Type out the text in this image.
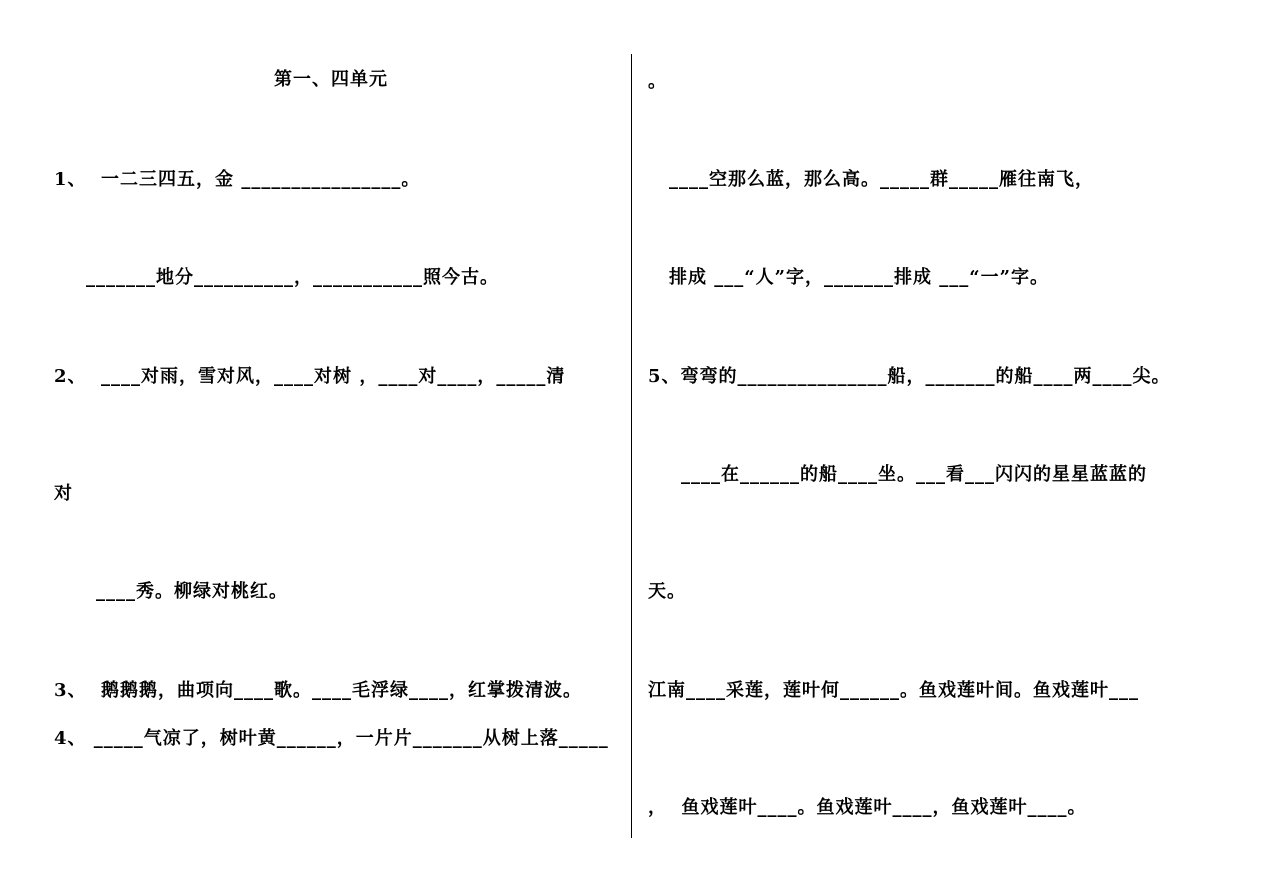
第一、四单元
1、  一二三四五，金 ________________。
_______地分__________，___________照今古。
2、  ____对雨，雪对风，____对树 ，____对____，_____清
对
____秀。柳绿对桃红。
3、  鹅鹅鹅，曲项向____歌。____毛浮绿____，红掌拨清波。
4、 _____气凉了，树叶黄______，一片片_______从树上落_____
。
____空那么蓝，那么高。_____群_____雁往南飞，
排成 ___“人”字，_______排成 ___“一”字。
5、弯弯的_______________船，_______的船____两____尖。
____在______的船____坐。___看___闪闪的星星蓝蓝的
天。
江南____采莲，莲叶何______。鱼戏莲叶间。鱼戏莲叶___
，  鱼戏莲叶____。鱼戏莲叶____，鱼戏莲叶____。
